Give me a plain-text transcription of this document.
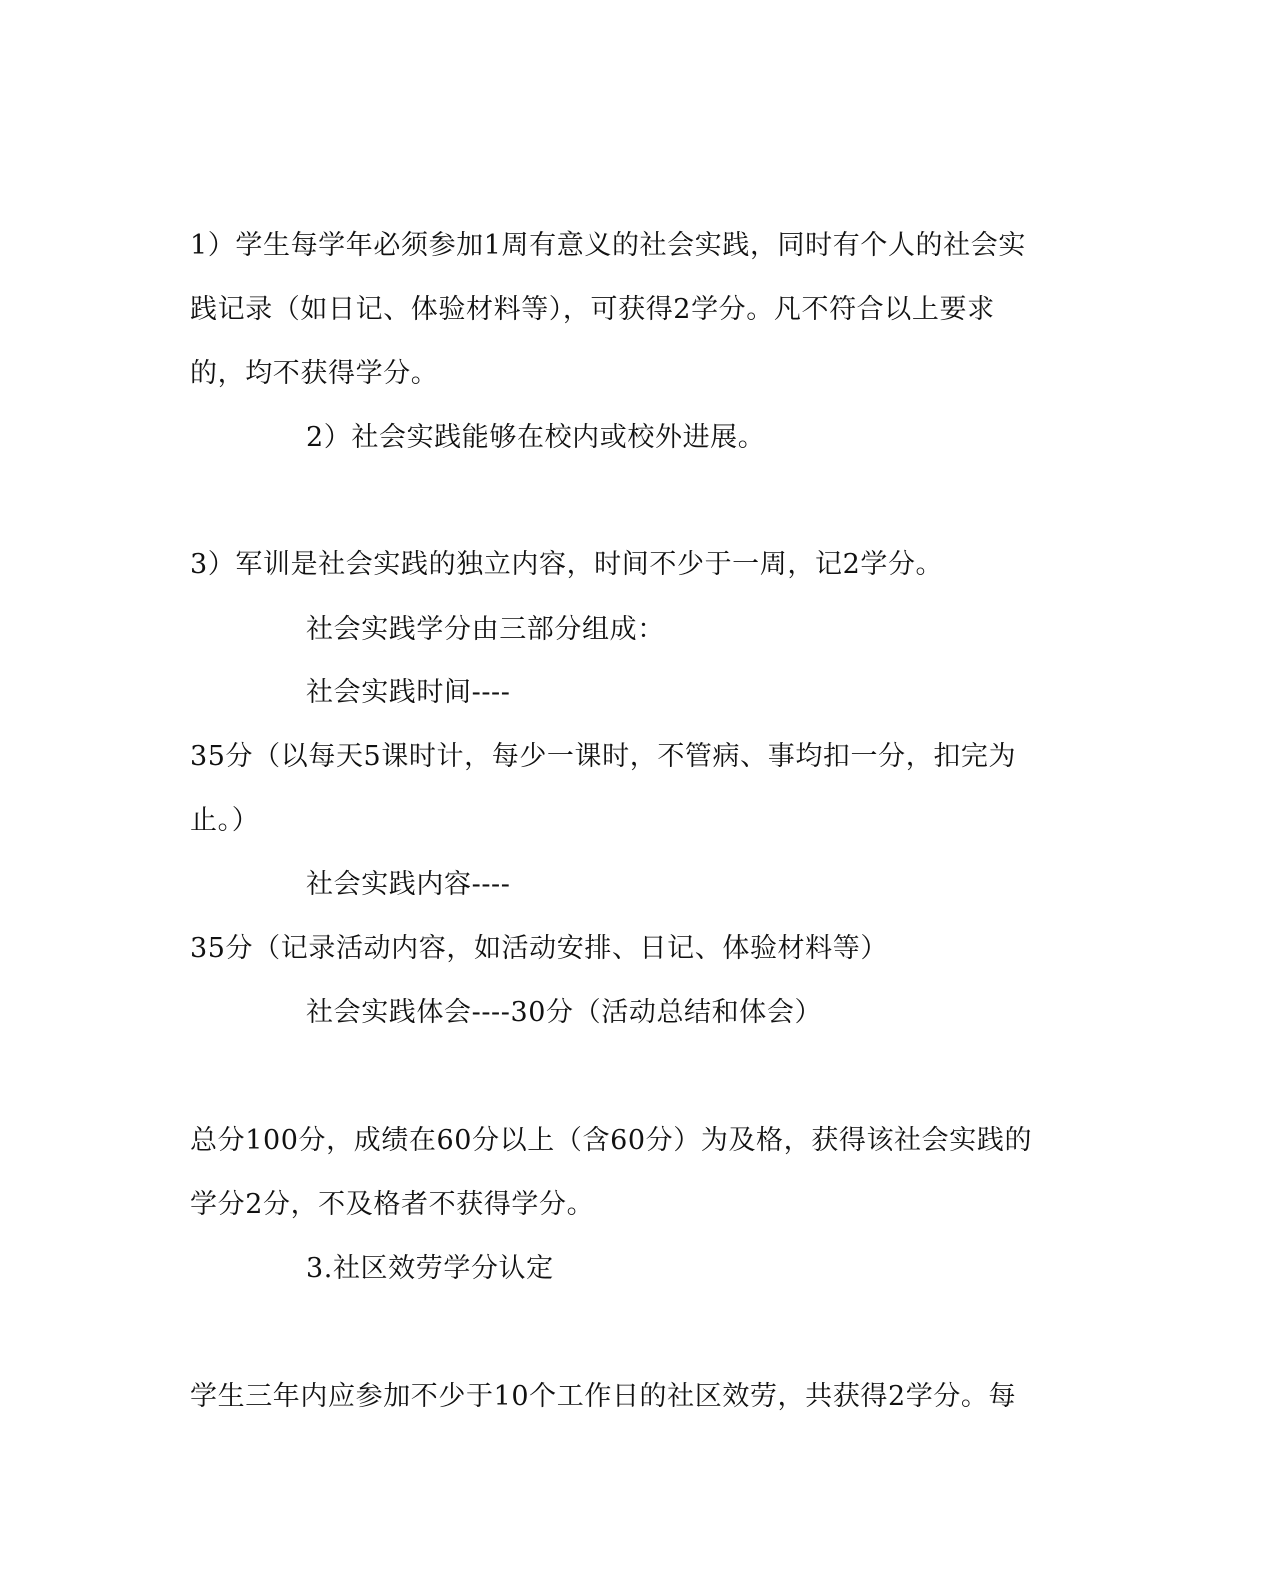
1）学生每学年必须参加1周有意义的社会实践，同时有个人的社会实
践记录（如日记、体验材料等），可获得2学分。凡不符合以上要求
的，均不获得学分。
2）社会实践能够在校内或校外进展。
3）军训是社会实践的独立内容，时间不少于一周，记2学分。
社会实践学分由三部分组成：
社会实践时间----
35分（以每天5课时计，每少一课时，不管病、事均扣一分，扣完为
止。）
社会实践内容----
35分（记录活动内容，如活动安排、日记、体验材料等）
社会实践体会----30分（活动总结和体会）
总分100分，成绩在60分以上（含60分）为及格，获得该社会实践的
学分2分，不及格者不获得学分。
3.社区效劳学分认定
学生三年内应参加不少于10个工作日的社区效劳，共获得2学分。每
